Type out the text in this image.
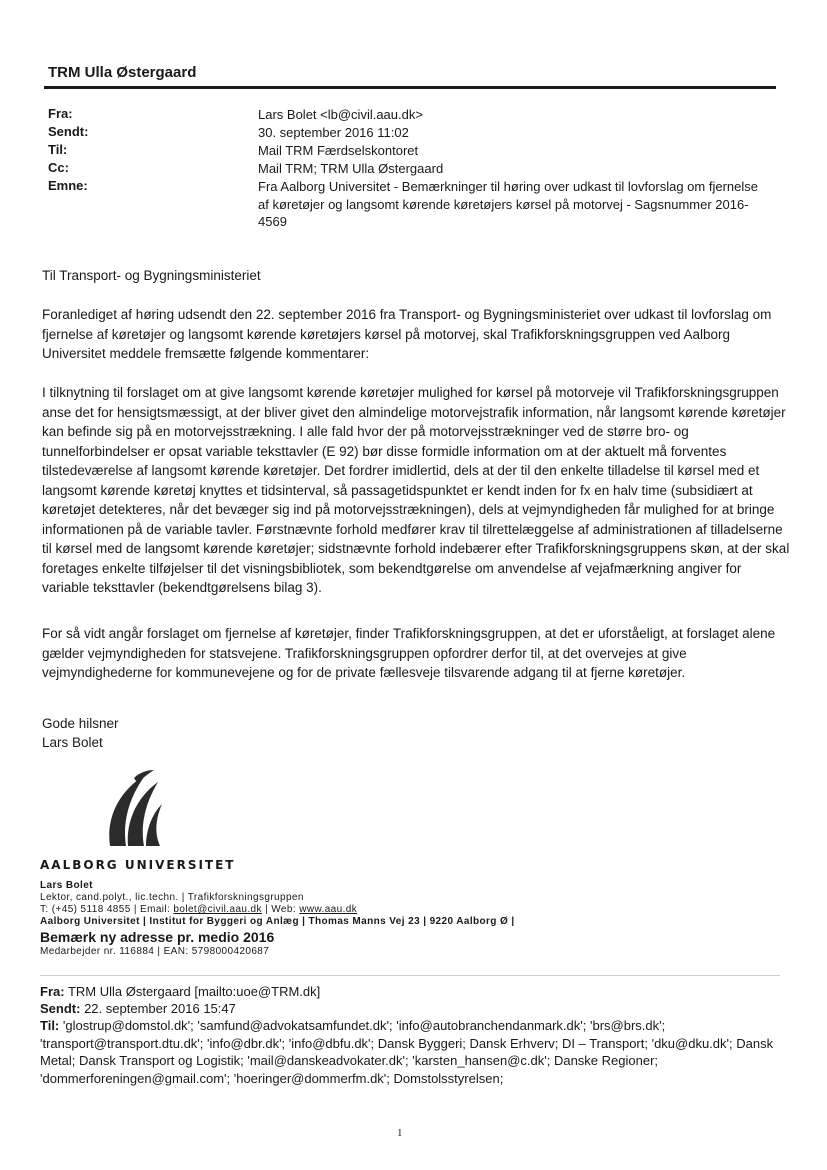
TRM Ulla Østergaard
Fra:	Lars Bolet <lb@civil.aau.dk>
Sendt:	30. september 2016 11:02
Til:	Mail TRM Færdselskontoret
Cc:	Mail TRM; TRM Ulla Østergaard
Emne:	Fra Aalborg Universitet - Bemærkninger til høring over udkast til lovforslag om fjernelse af køretøjer og langsomt kørende køretøjers kørsel på motorvej - Sagsnummer 2016-4569
Til Transport- og Bygningsministeriet
Foranlediget af høring udsendt den 22. september 2016 fra Transport- og Bygningsministeriet over udkast til lovforslag om fjernelse af køretøjer og langsomt kørende køretøjers kørsel på motorvej, skal Trafikforskningsgruppen ved Aalborg Universitet meddele fremsætte følgende kommentarer:
I tilknytning til forslaget om at give langsomt kørende køretøjer mulighed for kørsel på motorveje vil Trafikforskningsgruppen anse det for hensigtsmæssigt, at der bliver givet den almindelige motorvejstrafik information, når langsomt kørende køretøjer kan befinde sig på en motorvejsstrækning. I alle fald hvor der på motorvejsstrækninger ved de større bro- og tunnelforbindelser er opsat variable teksttavler (E 92) bør disse formidle information om at der aktuelt må forventes tilstedeværelse af langsomt kørende køretøjer. Det fordrer imidlertid, dels at der til den enkelte tilladelse til kørsel med et langsomt kørende køretøj knyttes et tidsinterval, så passagetidspunktet er kendt inden for fx en halv time (subsidiært at køretøjet detekteres, når det bevæger sig ind på motorvejsstrækningen), dels at vejmyndigheden får mulighed for at bringe informationen på de variable tavler. Førstnævnte forhold medfører krav til tilrettelæggelse af administrationen af tilladelserne til kørsel med de langsomt kørende køretøjer; sidstnævnte forhold indebærer efter Trafikforskningsgruppens skøn, at der skal foretages enkelte tilføjelser til det visningsbibliotek, som bekendtgørelse om anvendelse af vejafmærkning angiver for variable teksttavler (bekendtgørelsens bilag 3).
For så vidt angår forslaget om fjernelse af køretøjer, finder Trafikforskningsgruppen, at det er uforståeligt, at forslaget alene gælder vejmyndigheden for statsvejene. Trafikforskningsgruppen opfordrer derfor til, at det overvejes at give vejmyndighederne for kommunevejene og for de private fællesveje tilsvarende adgang til at fjerne køretøjer.
Gode hilsner
Lars Bolet
AALBORG UNIVERSITET
Lars Bolet
Lektor, cand.polyt., lic.techn. | Trafikforskningsgruppen
T: (+45) 5118 4855 | Email: bolet@civil.aau.dk | Web: www.aau.dk
Aalborg Universitet | Institut for Byggeri og Anlæg | Thomas Manns Vej 23 | 9220 Aalborg Ø |
Bemærk ny adresse pr. medio 2016
Medarbejder nr. 116884 | EAN: 5798000420687
Fra: TRM Ulla Østergaard [mailto:uoe@TRM.dk]
Sendt: 22. september 2016 15:47
Til: 'glostrup@domstol.dk'; 'samfund@advokatsamfundet.dk'; 'info@autobranchendanmark.dk'; 'brs@brs.dk'; 'transport@transport.dtu.dk'; 'info@dbr.dk'; 'info@dbfu.dk'; Dansk Byggeri; Dansk Erhverv; DI – Transport; 'dku@dku.dk'; Dansk Metal; Dansk Transport og Logistik; 'mail@danskeadvokater.dk'; 'karsten_hansen@c.dk'; Danske Regioner; 'dommerforeningen@gmail.com'; 'hoeringer@dommerfm.dk'; Domstolsstyrelsen;
1
